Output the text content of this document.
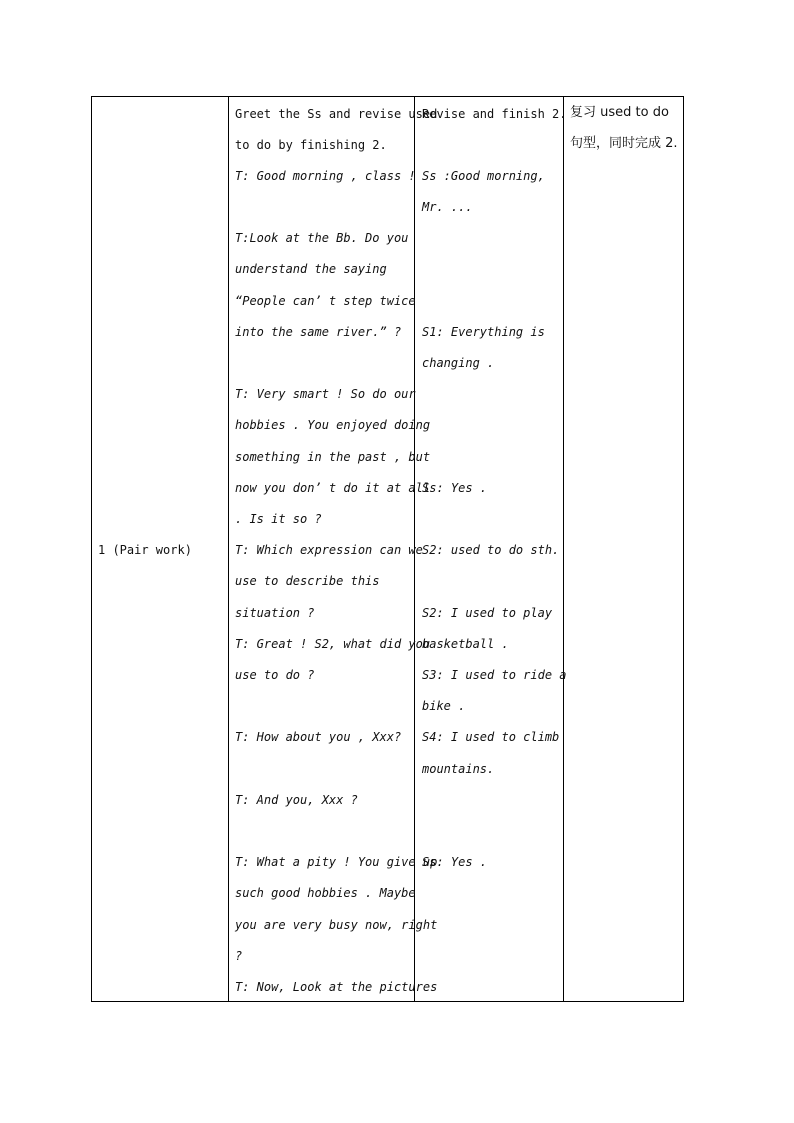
1 (Pair work)

Greet the Ss and revise used
to do by finishing 2.
T: Good morning , class !
T:Look at the Bb. Do you
understand the saying
“People can’ t step twice
into the same river.” ?
T: Very smart ! So do our
hobbies . You enjoyed doing
something in the past , but
now you don’ t do it at all
. Is it so ?
T: Which expression can we
use to describe this
situation ?
T: Great ! S2, what did you
use to do ?
T: How about you , Xxx?
T: And you, Xxx ?
T: What a pity ! You give up
such good hobbies . Maybe
you are very busy now, right
?
T: Now, Look at the pictures

Revise and finish 2.
Ss :Good morning,
Mr. ...
S1: Everything is
changing .
Ss: Yes .
S2: used to do sth.
S2: I used to play
basketball .
S3: I used to ride a
bike .
S4: I used to climb
mountains.
Ss: Yes .

复习 used to do
句型，同时完成 2.
